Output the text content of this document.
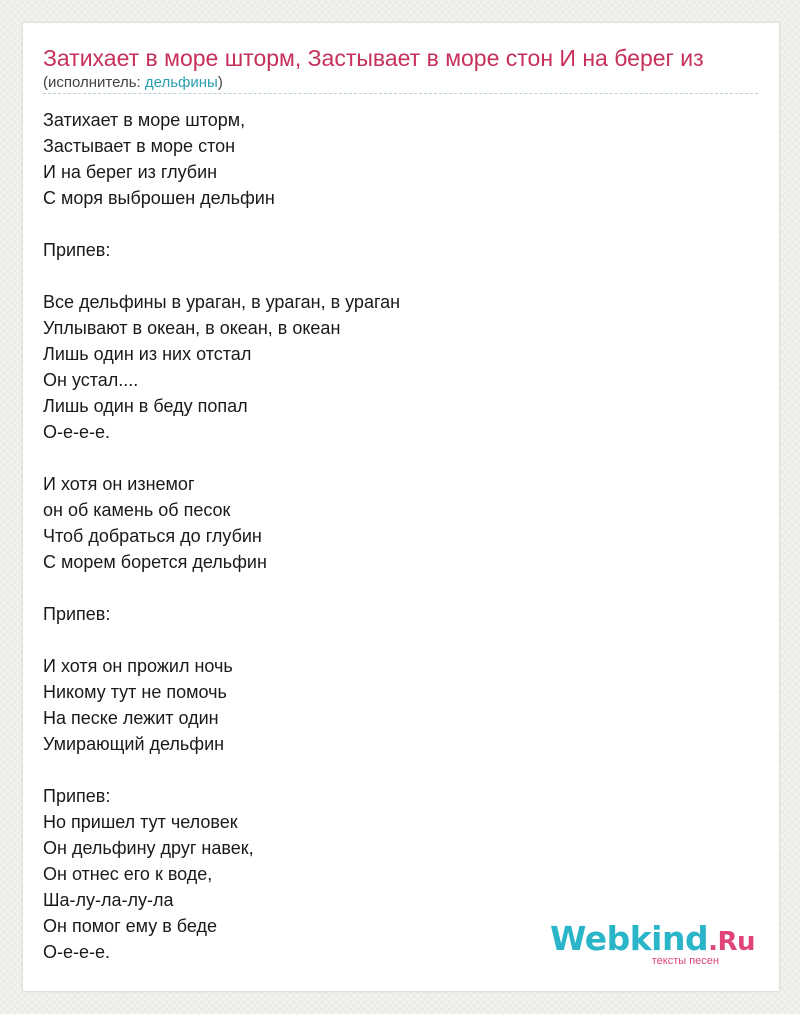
Затихает в море шторм, Застывает в море стон И на берег из
(исполнитель: дельфины)
Затихает в море шторм,
Застывает в море стон
И на берег из глубин
С моря выброшен дельфин
Припев:
Все дельфины в ураган, в ураган, в ураган
Уплывают в океан, в океан, в океан
Лишь один из них отстал
Он устал....
Лишь один в беду попал
О-е-е-е.
И хотя он изнемог
он об камень об песок
Чтоб добраться до глубин
С морем борется дельфин
Припев:
И хотя он прожил ночь
Никому тут не помочь
На песке лежит один
Умирающий дельфин
Припев:
Но пришел тут человек
Он дельфину друг навек,
Он отнес его к воде,
Ша-лу-ла-лу-ла
Он помог ему в беде
О-е-е-е.	Webkind.Ru
тексты песен
